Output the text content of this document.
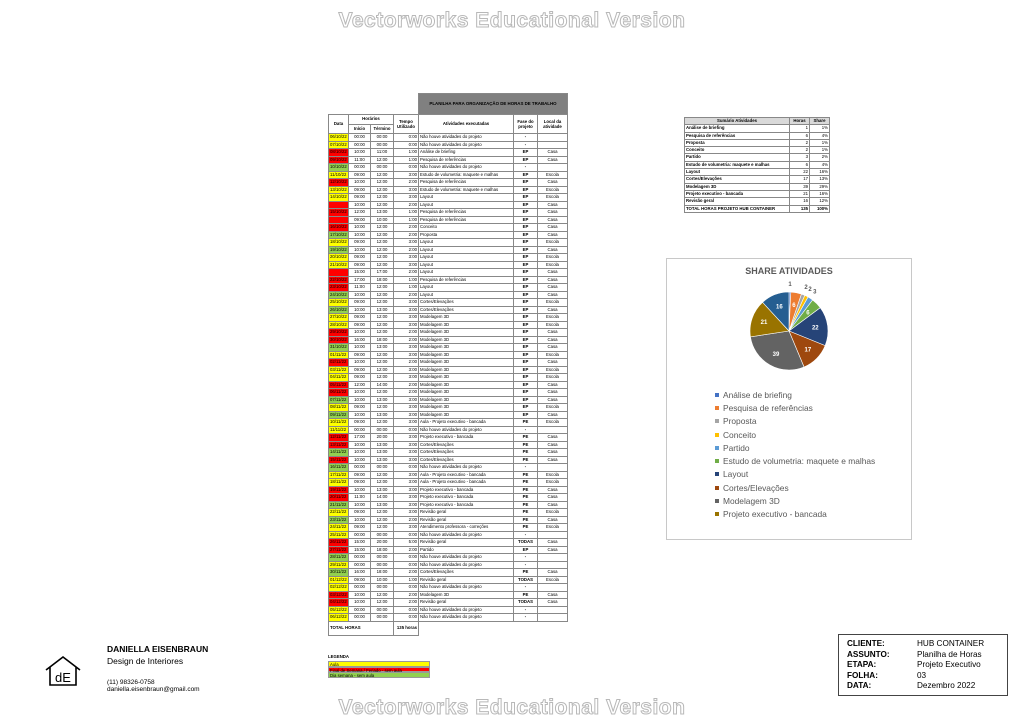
Vectorworks Educational Version
Vectorworks Educational Version
				PLANILHA PARA ORGANIZAÇÃO DE HORAS DE TRABALHO		
Data	Horários		Tempo Utilizado	Atividades executadas	Fase do projeto	Local da atividade
	Início	Término				
06/10/22	00:00	00:00	0:00	Não houve atividades do projeto	-	
07/10/22	00:00	00:00	0:00	Não houve atividades do projeto	-	
08/10/22	10:00	11:00	1:00	Análise de briefing	EP	Casa
09/10/22	11:00	12:00	1:00	Pesquisa de referências	EP	Casa
10/10/22	00:00	00:00	0:00	Não houve atividades do projeto	-	
11/10/22	09:00	12:00	3:00	Estudo de volumetria: maquete e malhas	EP	Escola
12/10/22	10:00	12:00	2:00	Pesquisa de referências	EP	Casa
13/10/22	09:00	12:00	3:00	Estudo de volumetria: maquete e malhas	EP	Escola
14/10/22	09:00	12:00	3:00	Layout	EP	Escola
	10:00	12:00	2:00	Layout	EP	Casa
15/10/22	12:00	13:00	1:00	Pesquisa de referências	EP	Casa
	09:00	10:00	1:00	Pesquisa de referências	EP	Casa
16/10/22	10:00	12:00	2:00	Conceito	EP	Casa
17/10/22	10:00	12:00	2:00	Proposta	EP	Casa
18/10/22	09:00	12:00	3:00	Layout	EP	Escola
19/10/22	10:00	12:00	2:00	Layout	EP	Casa
20/10/22	09:00	12:00	3:00	Layout	EP	Escola
21/10/22	09:00	12:00	3:00	Layout	EP	Escola
	15:00	17:00	2:00	Layout	EP	Casa
22/10/22	17:00	18:00	1:00	Pesquisa de referências	EP	Casa
23/10/22	11:00	12:00	1:00	Layout	EP	Casa
24/10/22	10:00	12:00	2:00	Layout	EP	Casa
25/10/22	09:00	12:00	3:00	Cortes/Elevações	EP	Escola
26/10/22	10:00	13:00	3:00	Cortes/Elevações	EP	Casa
27/10/22	09:00	12:00	3:00	Modelagem 3D	EP	Escola
28/10/22	09:00	12:00	3:00	Modelagem 3D	EP	Escola
29/10/22	10:00	12:00	2:00	Modelagem 3D	EP	Casa
30/10/22	16:00	18:00	2:00	Modelagem 3D	EP	Casa
31/10/22	10:00	13:00	3:00	Modelagem 3D	EP	Casa
01/11/22	09:00	12:00	3:00	Modelagem 3D	EP	Escola
02/11/22	10:00	12:00	2:00	Modelagem 3D	EP	Casa
03/11/22	09:00	12:00	3:00	Modelagem 3D	EP	Escola
04/11/22	09:00	12:00	3:00	Modelagem 3D	EP	Escola
05/11/22	12:00	14:00	2:00	Modelagem 3D	EP	Casa
06/11/22	10:00	12:00	2:00	Modelagem 3D	EP	Casa
07/11/22	10:00	13:00	3:00	Modelagem 3D	EP	Casa
08/11/22	09:00	12:00	3:00	Modelagem 3D	EP	Escola
09/11/22	10:00	13:00	3:00	Modelagem 3D	EP	Casa
10/11/22	09:00	12:00	3:00	Aula - Projeto executivo - bancada	PE	Escola
11/11/22	00:00	00:00	0:00	Não houve atividades do projeto	-	
12/11/22	17:00	20:00	3:00	Projeto executivo - bancada	PE	Casa
13/11/22	10:00	13:00	3:00	Cortes/Elevações	PE	Casa
14/11/22	10:00	13:00	3:00	Cortes/Elevações	PE	Casa
15/11/22	10:00	13:00	3:00	Cortes/Elevações	PE	Casa
16/11/22	00:00	00:00	0:00	Não houve atividades do projeto	-	
17/11/22	09:00	12:00	3:00	Aula - Projeto executivo - bancada	PE	Escola
18/11/22	09:00	12:00	3:00	Aula - Projeto executivo - bancada	PE	Escola
19/11/22	10:00	13:00	3:00	Projeto executivo - bancada	PE	Casa
20/11/22	11:00	14:00	3:00	Projeto executivo - bancada	PE	Casa
21/11/22	10:00	13:00	3:00	Projeto executivo - bancada	PE	Casa
22/11/22	09:00	12:00	3:00	Revisão geral	PE	Escola
23/11/22	10:00	12:00	2:00	Revisão geral	PE	Casa
24/11/22	09:00	12:00	3:00	Atendimento professora - correções	PE	Escola
25/11/22	00:00	00:00	0:00	Não houve atividades do projeto	-	
26/11/22	15:00	20:00	5:00	Revisão geral	TODAS	Casa
27/11/22	15:00	18:00	2:00	Partido	EP	Casa
28/11/22	00:00	00:00	0:00	Não houve atividades do projeto	-	
29/11/22	00:00	00:00	0:00	Não houve atividades do projeto	-	
30/11/22	16:00	18:00	2:00	Cortes/Elevações	PE	Casa
01/12/22	09:00	10:00	1:00	Revisão geral	TODAS	Escola
02/12/22	00:00	00:00	0:00	Não houve atividades do projeto	-	
03/12/22	10:00	12:00	2:00	Modelagem 3D	PE	Casa
04/12/22	10:00	12:00	2:00	Revisão geral	TODAS	Casa
05/12/22	00:00	00:00	0:00	Não houve atividades do projeto	-	
06/12/22	00:00	00:00	0:00	Não houve atividades do projeto	-	
TOTAL HORAS			135 horas			
Sumário Atividades	Horas	Share
Análise de briefing	1	1%
Pesquisa de referências	6	4%
Proposta	2	1%
Conceito	2	1%
Partido	3	2%
Estudo de volumetria: maquete e malhas	6	4%
Layout	22	16%
Cortes/Elevações	17	13%
Modelagem 3D	39	29%
Projeto executivo - bancada	21	16%
Revisão geral	16	12%
TOTAL HORAS PROJETO HUB CONTAINER	135	100%
SHARE ATIVIDADES
1
6
2 2 3
6
22
17
39
21
16
Análise de briefing
Pesquisa de referências
Proposta
Conceito
Partido
Estudo de volumetria: maquete e malhas
Layout
Cortes/Elevações
Modelagem 3D
Projeto executivo - bancada
dE
DANIELLA EISENBRAUN
Design de Interiores
(11) 98326-0758
daniella.eisenbraun@gmail.com
LEGENDA
Aula
Final de Semana / Feriado - sem aula
Dia semana - sem aula
CLIENTE:	HUB CONTAINER
ASSUNTO:	Planilha de Horas
ETAPA:	Projeto Executivo
FOLHA:	03
DATA:	Dezembro 2022
